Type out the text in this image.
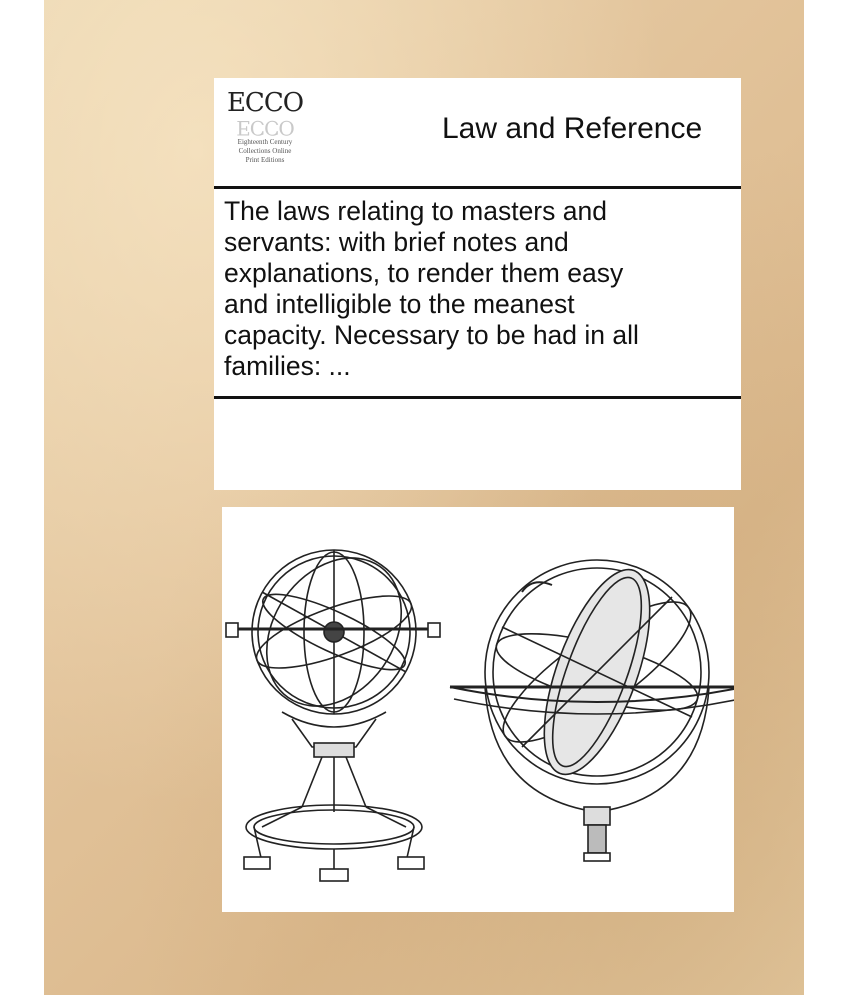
ECCO
ECCO
Eighteenth Century
Collections Online
Print Editions
Law and Reference
The laws relating to masters and
servants: with brief notes and
explanations, to render them easy
and intelligible to the meanest
capacity. Necessary to be had in all
families: ...
